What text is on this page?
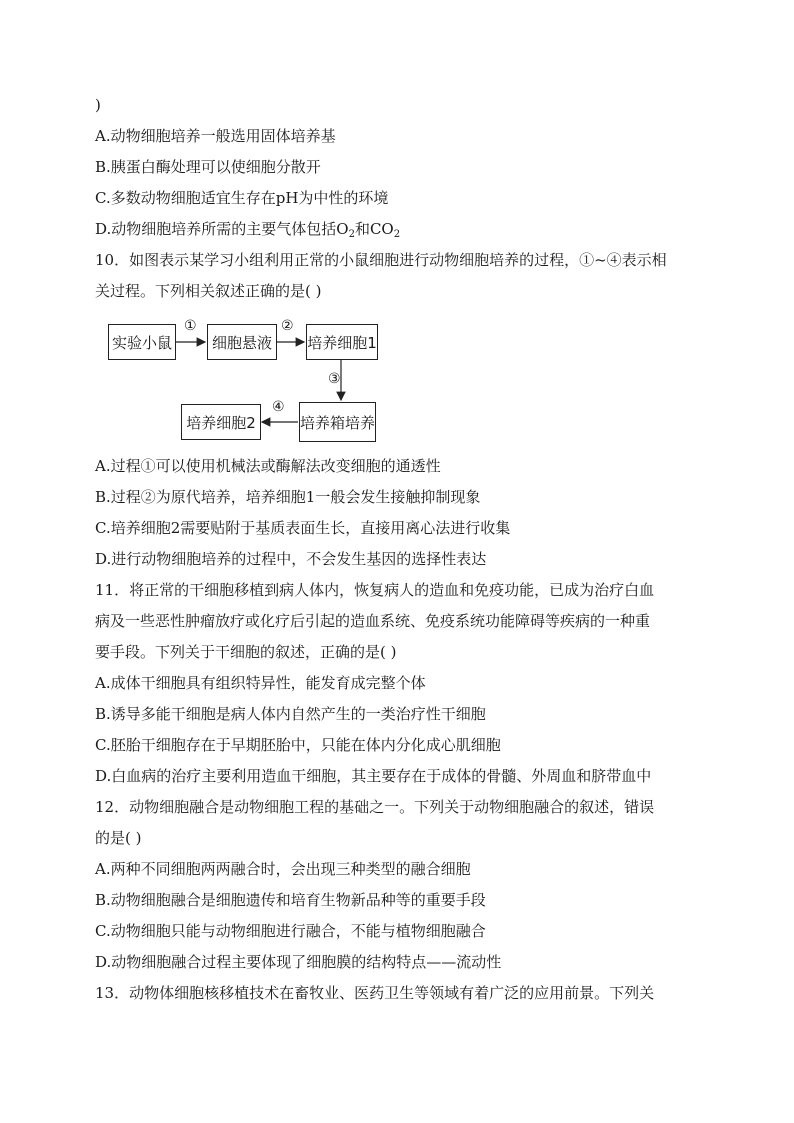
)
A.动物细胞培养一般选用固体培养基
B.胰蛋白酶处理可以使细胞分散开
C.多数动物细胞适宜生存在pH为中性的环境
D.动物细胞培养所需的主要气体包括$O_2$和$CO_2$
10．如图表示某学习小组利用正常的小鼠细胞进行动物细胞培养的过程，①~④表示相
关过程。下列相关叙述正确的是( )
实验小鼠	细胞悬液	培养细胞1
培养箱培养
培养细胞2
①	②
③
④
A.过程①可以使用机械法或酶解法改变细胞的通透性
B.过程②为原代培养，培养细胞1一般会发生接触抑制现象
C.培养细胞2需要贴附于基质表面生长，直接用离心法进行收集
D.进行动物细胞培养的过程中，不会发生基因的选择性表达
11．将正常的干细胞移植到病人体内，恢复病人的造血和免疫功能，已成为治疗白血
病及一些恶性肿瘤放疗或化疗后引起的造血系统、免疫系统功能障碍等疾病的一种重
要手段。下列关于干细胞的叙述，正确的是( )
A.成体干细胞具有组织特异性，能发育成完整个体
B.诱导多能干细胞是病人体内自然产生的一类治疗性干细胞
C.胚胎干细胞存在于早期胚胎中，只能在体内分化成心肌细胞
D.白血病的治疗主要利用造血干细胞，其主要存在于成体的骨髓、外周血和脐带血中
12．动物细胞融合是动物细胞工程的基础之一。下列关于动物细胞融合的叙述，错误
的是( )
A.两种不同细胞两两融合时，会出现三种类型的融合细胞
B.动物细胞融合是细胞遗传和培育生物新品种等的重要手段
C.动物细胞只能与动物细胞进行融合，不能与植物细胞融合
D.动物细胞融合过程主要体现了细胞膜的结构特点——流动性
13．动物体细胞核移植技术在畜牧业、医药卫生等领域有着广泛的应用前景。下列关
